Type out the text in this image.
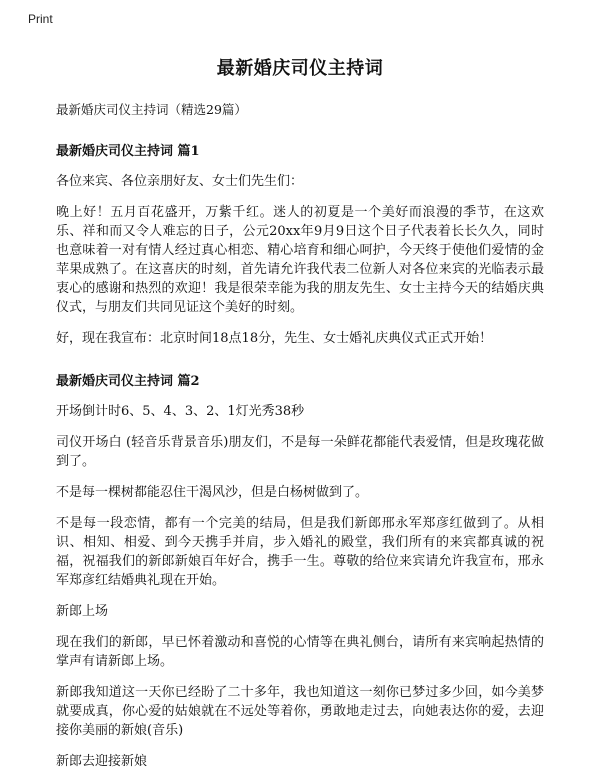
Print
最新婚庆司仪主持词

最新婚庆司仪主持词（精选29篇）

最新婚庆司仪主持词 篇1

各位来宾、各位亲朋好友、女士们先生们：

晚上好！五月百花盛开，万紫千红。迷人的初夏是一个美好而浪漫的季节，在这欢乐、祥和而又令人难忘的日子，公元20xx年9月9日这个日子代表着长长久久，同时也意味着一对有情人经过真心相恋、精心培育和细心呵护，今天终于使他们爱情的金苹果成熟了。在这喜庆的时刻，首先请允许我代表二位新人对各位来宾的光临表示最衷心的感谢和热烈的欢迎！我是很荣幸能为我的朋友先生、女士主持今天的结婚庆典仪式，与朋友们共同见证这个美好的时刻。

好，现在我宣布：北京时间18点18分，先生、女士婚礼庆典仪式正式开始！

最新婚庆司仪主持词 篇2

开场倒计时6、5、4、3、2、1灯光秀38秒

司仪开场白 (轻音乐背景音乐)朋友们，不是每一朵鲜花都能代表爱情，但是玫瑰花做到了。

不是每一棵树都能忍住干渴风沙，但是白杨树做到了。

不是每一段恋情，都有一个完美的结局，但是我们新郎邢永军郑彦红做到了。从相识、相知、相爱、到今天携手并肩，步入婚礼的殿堂，我们所有的来宾都真诚的祝福，祝福我们的新郎新娘百年好合，携手一生。尊敬的给位来宾请允许我宣布，邢永军郑彦红结婚典礼现在开始。

新郎上场

现在我们的新郎，早已怀着激动和喜悦的心情等在典礼侧台，请所有来宾响起热情的掌声有请新郎上场。

新郎我知道这一天你已经盼了二十多年，我也知道这一刻你已梦过多少回，如今美梦就要成真，你心爱的姑娘就在不远处等着你，勇敢地走过去，向她表达你的爱，去迎接你美丽的新娘(音乐)

新郎去迎接新娘
